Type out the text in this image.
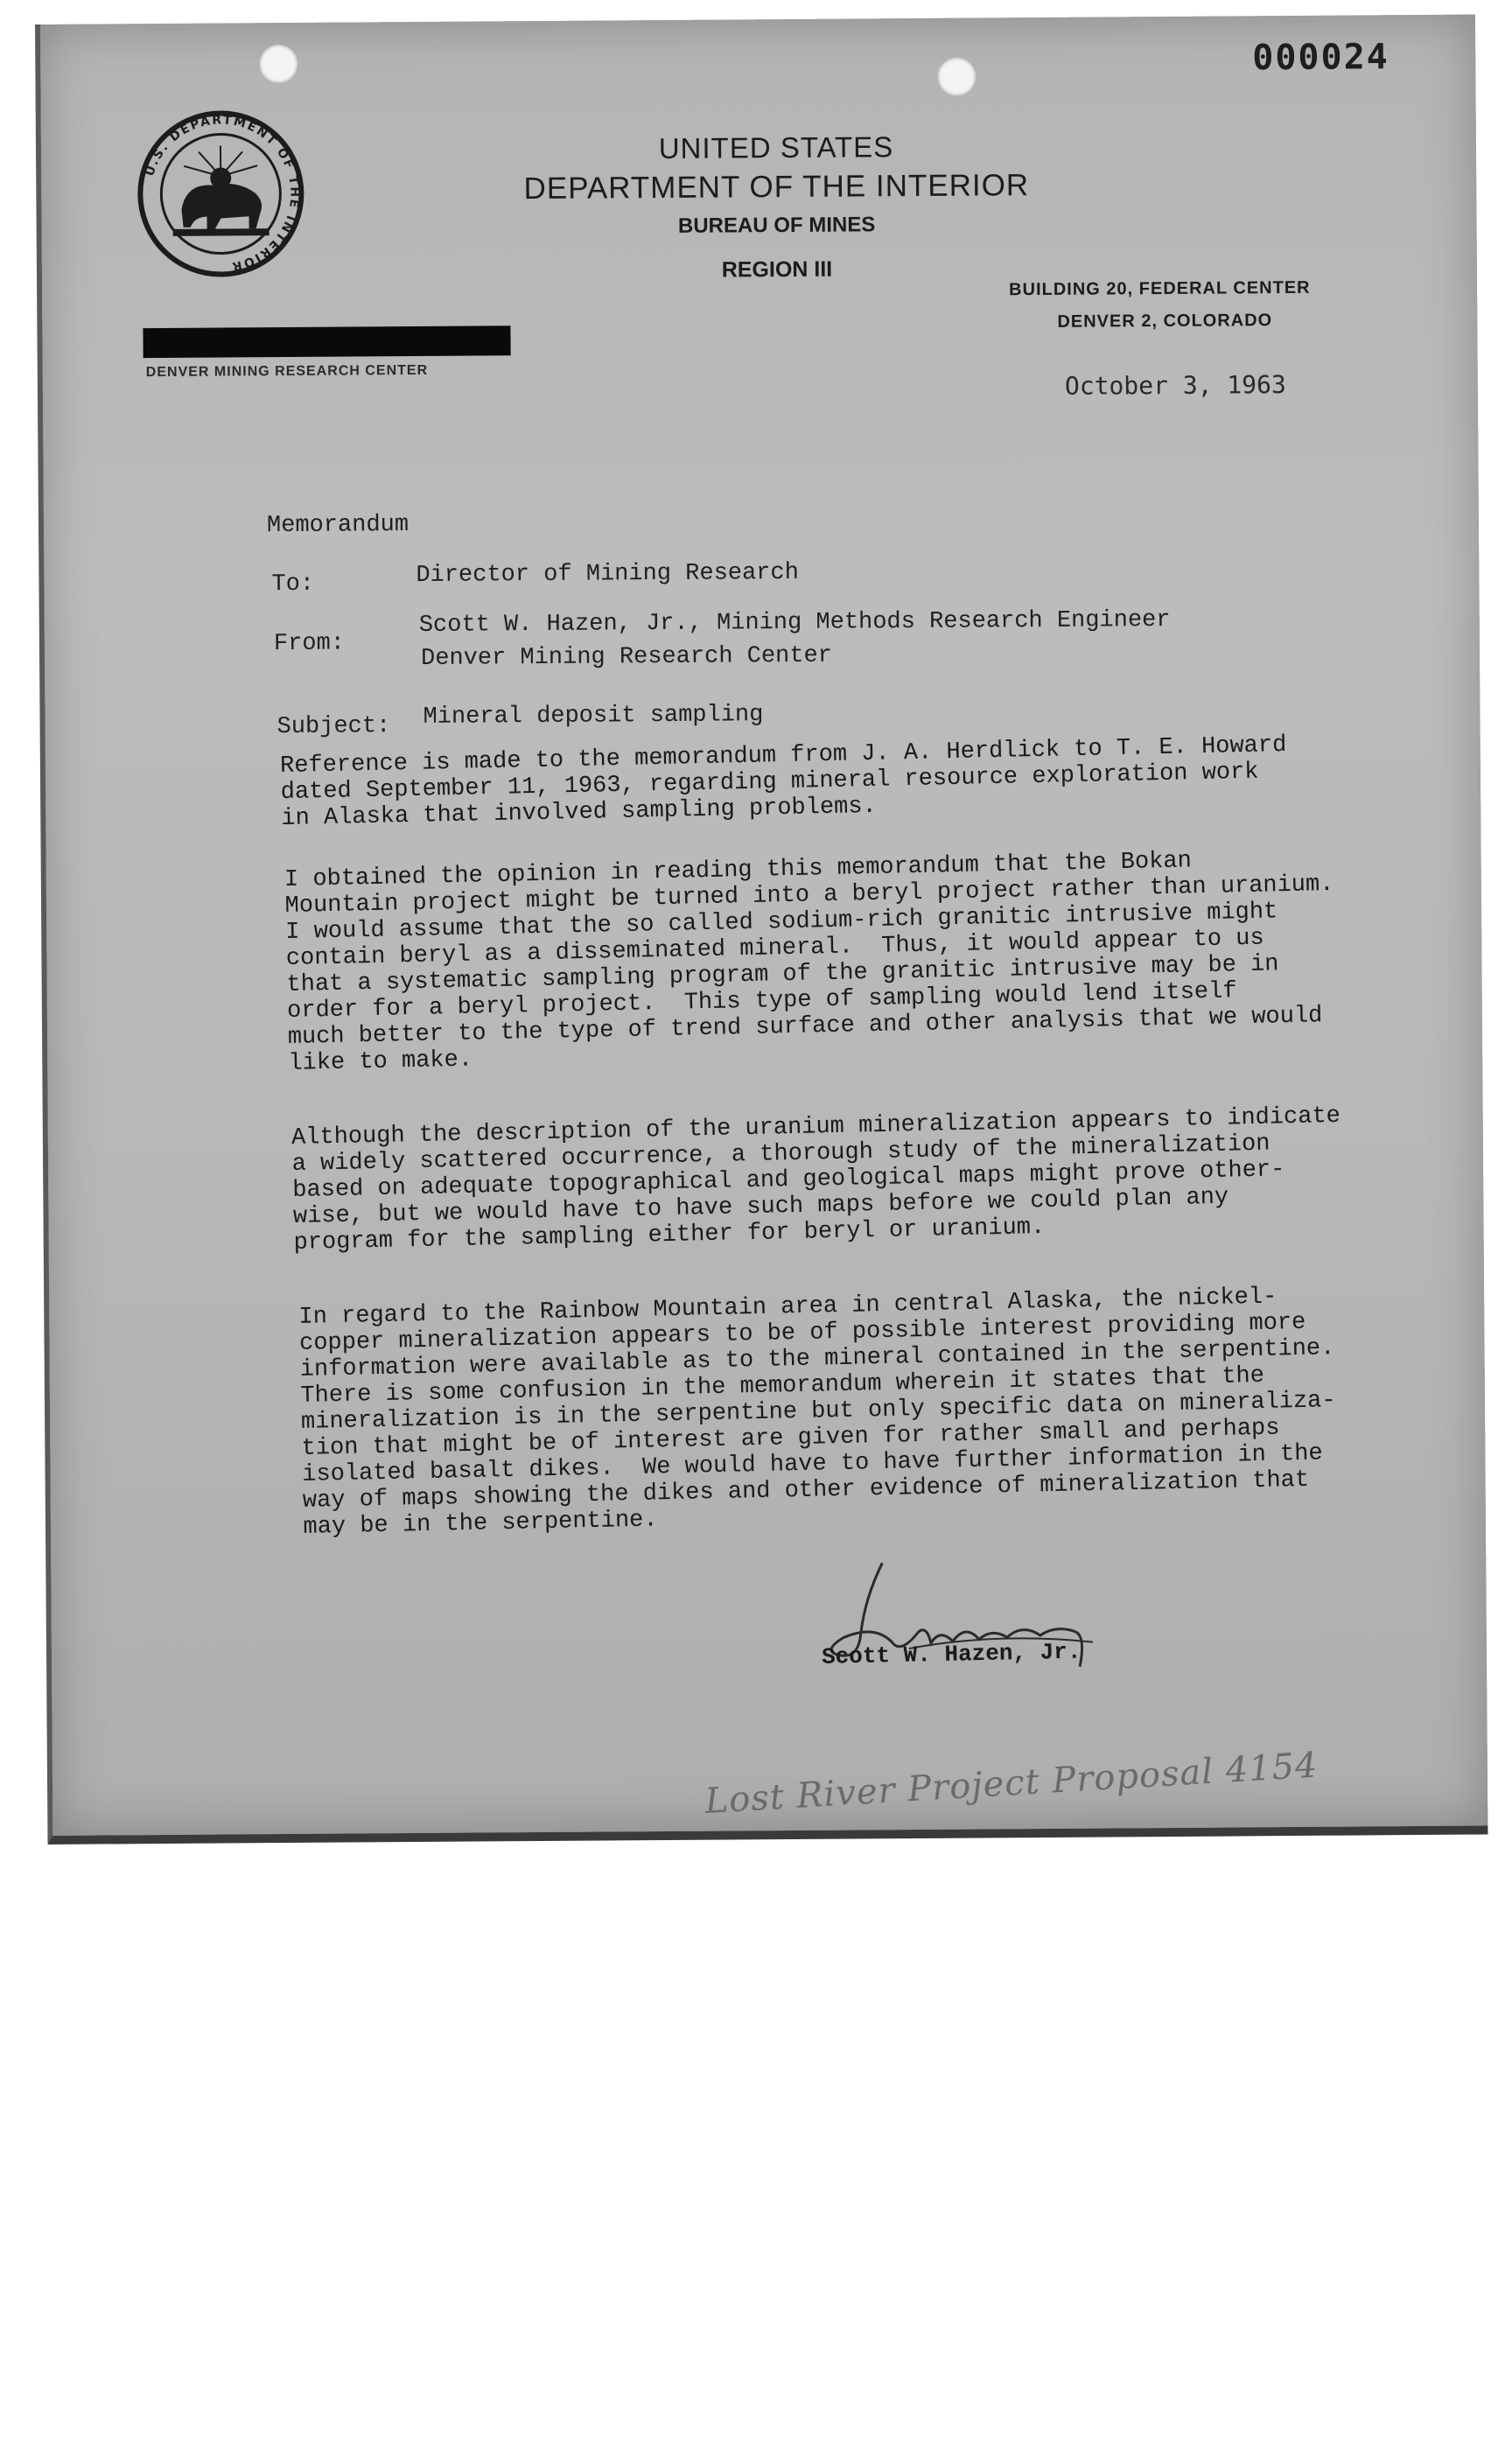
000024
U.S. DEPARTMENT OF THE INTERIOR
UNITED STATES
DEPARTMENT OF THE INTERIOR
BUREAU OF MINES
REGION III
BUILDING 20, FEDERAL CENTER
DENVER 2, COLORADO
DENVER MINING RESEARCH CENTER	October 3, 1963
Memorandum
To:	Director of Mining Research
From:
Scott W. Hazen, Jr., Mining Methods Research Engineer
Denver Mining Research Center
Subject: Mineral deposit sampling
Reference is made to the memorandum from J. A. Herdlick to T. E. Howard
dated September 11, 1963, regarding mineral resource exploration work
in Alaska that involved sampling problems.
I obtained the opinion in reading this memorandum that the Bokan
Mountain project might be turned into a beryl project rather than uranium.
I would assume that the so called sodium-rich granitic intrusive might
contain beryl as a disseminated mineral.  Thus, it would appear to us
that a systematic sampling program of the granitic intrusive may be in
order for a beryl project.  This type of sampling would lend itself
much better to the type of trend surface and other analysis that we would
like to make.
Although the description of the uranium mineralization appears to indicate
a widely scattered occurrence, a thorough study of the mineralization
based on adequate topographical and geological maps might prove other-
wise, but we would have to have such maps before we could plan any
program for the sampling either for beryl or uranium.
In regard to the Rainbow Mountain area in central Alaska, the nickel-
copper mineralization appears to be of possible interest providing more
information were available as to the mineral contained in the serpentine.
There is some confusion in the memorandum wherein it states that the
mineralization is in the serpentine but only specific data on mineraliza-
tion that might be of interest are given for rather small and perhaps
isolated basalt dikes.  We would have to have further information in the
way of maps showing the dikes and other evidence of mineralization that
may be in the serpentine.
Scott W. Hazen, Jr.
Lost River Project Proposal 4154
